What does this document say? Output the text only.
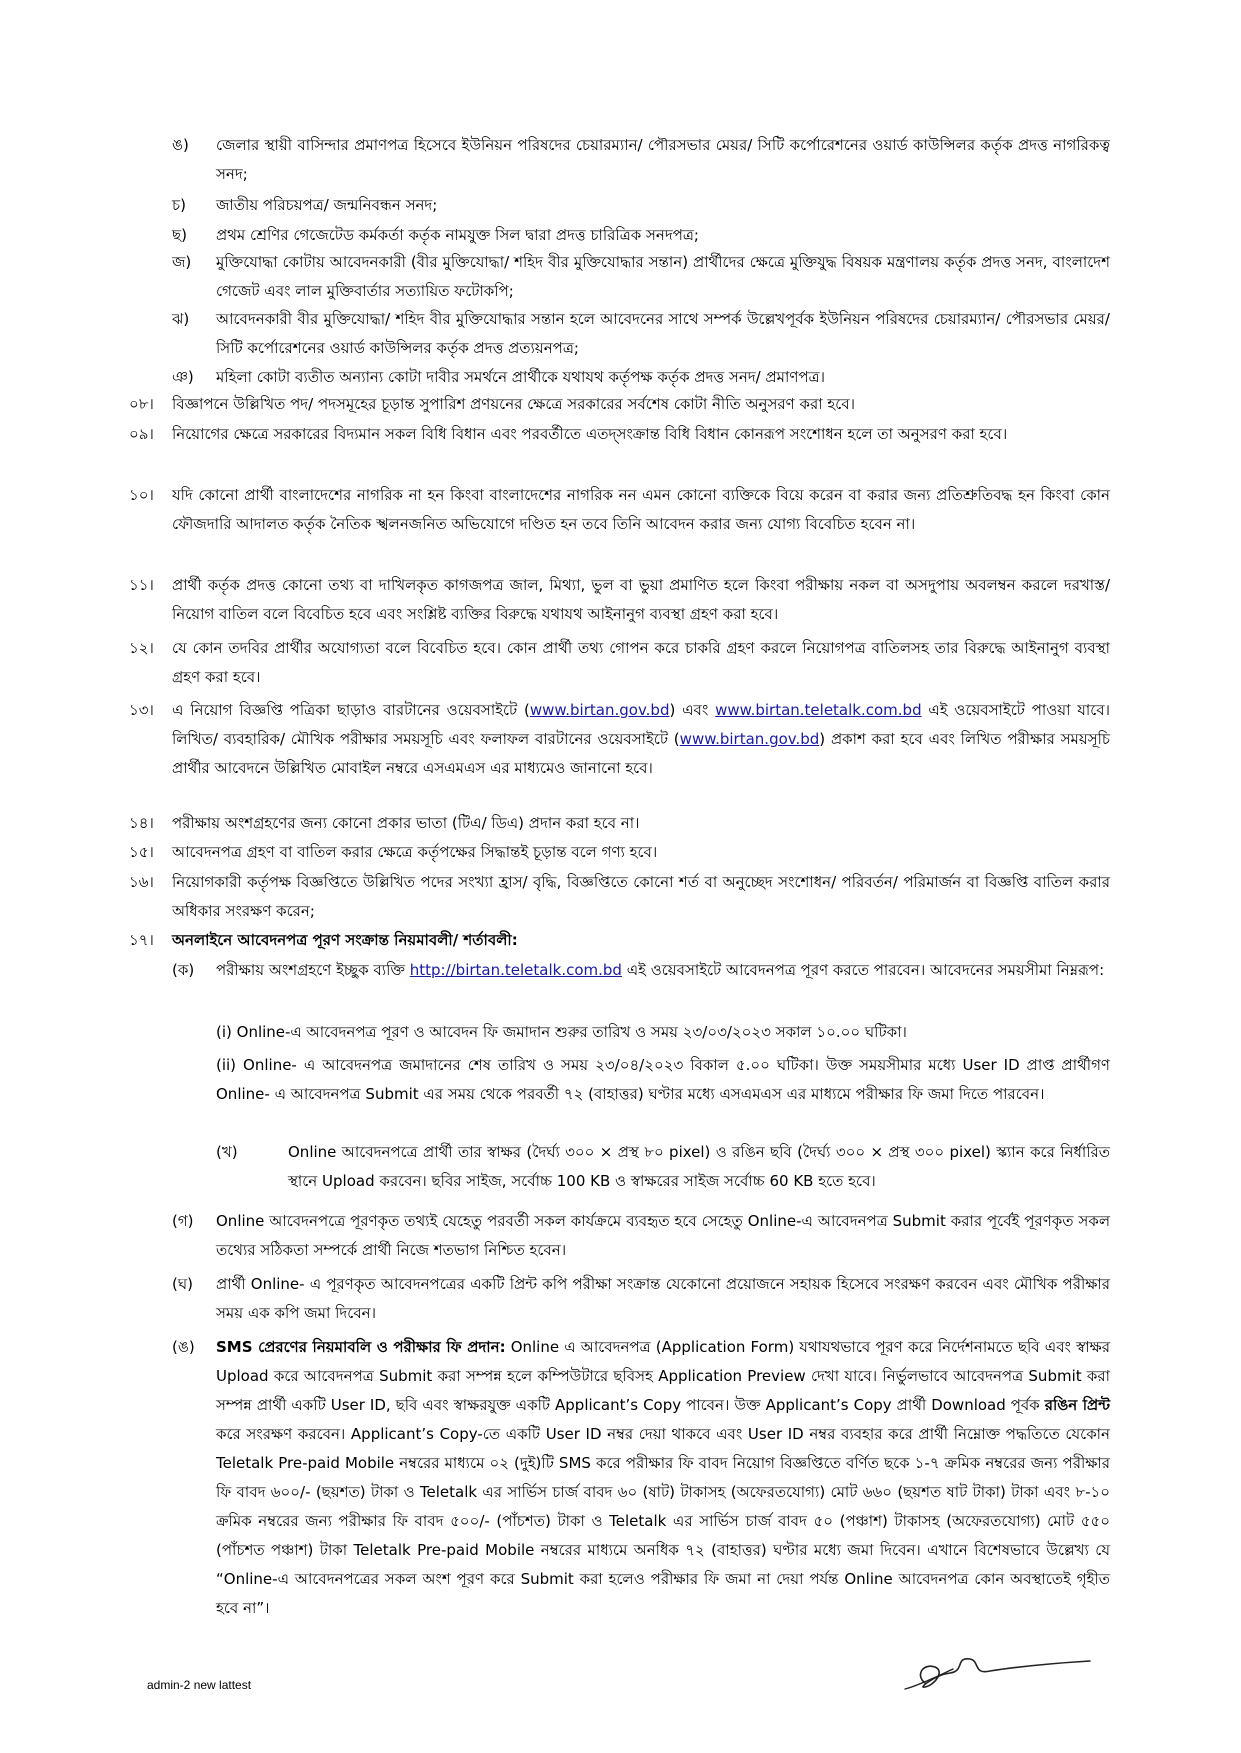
ঙ)	জেলার স্থায়ী বাসিন্দার প্রমাণপত্র হিসেবে ইউনিয়ন পরিষদের চেয়ারম্যান/ পৌরসভার মেয়র/ সিটি কর্পোরেশনের ওয়ার্ড কাউন্সিলর কর্তৃক প্রদত্ত নাগরিকত্ব সনদ;
চ)	জাতীয় পরিচয়পত্র/ জন্মনিবন্ধন সনদ;
ছ)	প্রথম শ্রেণির গেজেটেড কর্মকর্তা কর্তৃক নামযুক্ত সিল দ্বারা প্রদত্ত চারিত্রিক সনদপত্র;
জ)	মুক্তিযোদ্ধা কোটায় আবেদনকারী (বীর মুক্তিযোদ্ধা/ শহিদ বীর মুক্তিযোদ্ধার সন্তান) প্রার্থীদের ক্ষেত্রে মুক্তিযুদ্ধ বিষয়ক মন্ত্রণালয় কর্তৃক প্রদত্ত সনদ, বাংলাদেশ গেজেট এবং লাল মুক্তিবার্তার সত্যায়িত ফটোকপি;
ঝ)	আবেদনকারী বীর মুক্তিযোদ্ধা/ শহিদ বীর মুক্তিযোদ্ধার সন্তান হলে আবেদনের সাথে সম্পর্ক উল্লেখপূর্বক ইউনিয়ন পরিষদের চেয়ারম্যান/ পৌরসভার মেয়র/ সিটি কর্পোরেশনের ওয়ার্ড কাউন্সিলর কর্তৃক প্রদত্ত প্রত্যয়নপত্র;
ঞ)	মহিলা কোটা ব্যতীত অন্যান্য কোটা দাবীর সমর্থনে প্রার্থীকে যথাযথ কর্তৃপক্ষ কর্তৃক প্রদত্ত সনদ/ প্রমাণপত্র।
০৮।	বিজ্ঞাপনে উল্লিখিত পদ/ পদসমূহের চূড়ান্ত সুপারিশ প্রণয়নের ক্ষেত্রে সরকারের সর্বশেষ কোটা নীতি অনুসরণ করা হবে।
০৯।	নিয়োগের ক্ষেত্রে সরকারের বিদ্যমান সকল বিধি বিধান এবং পরবর্তীতে এতদ্‌সংক্রান্ত বিধি বিধান কোনরূপ সংশোধন হলে তা অনুসরণ করা হবে।
১০।	যদি কোনো প্রার্থী বাংলাদেশের নাগরিক না হন কিংবা বাংলাদেশের নাগরিক নন এমন কোনো ব্যক্তিকে বিয়ে করেন বা করার জন্য প্রতিশ্রুতিবদ্ধ হন কিংবা কোন ফৌজদারি আদালত কর্তৃক নৈতিক স্খলনজনিত অভিযোগে দণ্ডিত হন তবে তিনি আবেদন করার জন্য যোগ্য বিবেচিত হবেন না।
১১।	প্রার্থী কর্তৃক প্রদত্ত কোনো তথ্য বা দাখিলকৃত কাগজপত্র জাল, মিথ্যা, ভুল বা ভুয়া প্রমাণিত হলে কিংবা পরীক্ষায় নকল বা অসদুপায় অবলম্বন করলে দরখাস্ত/ নিয়োগ বাতিল বলে বিবেচিত হবে এবং সংশ্লিষ্ট ব্যক্তির বিরুদ্ধে যথাযথ আইনানুগ ব্যবস্থা গ্রহণ করা হবে।
১২।	যে কোন তদবির প্রার্থীর অযোগ্যতা বলে বিবেচিত হবে। কোন প্রার্থী তথ্য গোপন করে চাকরি গ্রহণ করলে নিয়োগপত্র বাতিলসহ তার বিরুদ্ধে আইনানুগ ব্যবস্থা গ্রহণ করা হবে।
১৩।	এ নিয়োগ বিজ্ঞপ্তি পত্রিকা ছাড়াও বারটানের ওয়েবসাইটে (www.birtan.gov.bd) এবং www.birtan.teletalk.com.bd এই ওয়েবসাইটে পাওয়া যাবে। লিখিত/ ব্যবহারিক/ মৌখিক পরীক্ষার সময়সূচি এবং ফলাফল বারটানের ওয়েবসাইটে (www.birtan.gov.bd) প্রকাশ করা হবে এবং লিখিত পরীক্ষার সময়সূচি প্রার্থীর আবেদনে উল্লিখিত মোবাইল নম্বরে এসএমএস এর মাধ্যমেও জানানো হবে।
১৪।	পরীক্ষায় অংশগ্রহণের জন্য কোনো প্রকার ভাতা (টিএ/ ডিএ) প্রদান করা হবে না।
১৫।	আবেদনপত্র গ্রহণ বা বাতিল করার ক্ষেত্রে কর্তৃপক্ষের সিদ্ধান্তই চূড়ান্ত বলে গণ্য হবে।
১৬।	নিয়োগকারী কর্তৃপক্ষ বিজ্ঞপ্তিতে উল্লিখিত পদের সংখ্যা হ্রাস/ বৃদ্ধি, বিজ্ঞপ্তিতে কোনো শর্ত বা অনুচ্ছেদ সংশোধন/ পরিবর্তন/ পরিমার্জন বা বিজ্ঞপ্তি বাতিল করার অধিকার সংরক্ষণ করেন;
১৭।	অনলাইনে আবেদনপত্র পূরণ সংক্রান্ত নিয়মাবলী/ শর্তাবলী:
(ক)	পরীক্ষায় অংশগ্রহণে ইচ্ছুক ব্যক্তি http://birtan.teletalk.com.bd এই ওয়েবসাইটে আবেদনপত্র পূরণ করতে পারবেন। আবেদনের সময়সীমা নিম্নরূপ:
(i) Online-এ আবেদনপত্র পূরণ ও আবেদন ফি জমাদান শুরুর তারিখ ও সময় ২৩/০৩/২০২৩ সকাল ১০.০০ ঘটিকা।
(ii) Online- এ আবেদনপত্র জমাদানের শেষ তারিখ ও সময় ২৩/০৪/২০২৩ বিকাল ৫.০০ ঘটিকা। উক্ত সময়সীমার মধ্যে User ID প্রাপ্ত প্রার্থীগণ Online- এ আবেদনপত্র Submit এর সময় থেকে পরবর্তী ৭২ (বাহাত্তর) ঘণ্টার মধ্যে এসএমএস এর মাধ্যমে পরীক্ষার ফি জমা দিতে পারবেন।
(খ)	Online আবেদনপত্রে প্রার্থী তার স্বাক্ষর (দৈর্ঘ্য ৩০০ × প্রস্থ ৮০ pixel) ও রঙিন ছবি (দৈর্ঘ্য ৩০০ × প্রস্থ ৩০০ pixel) স্ক্যান করে নির্ধারিত স্থানে Upload করবেন। ছবির সাইজ, সর্বোচ্চ 100 KB ও স্বাক্ষরের সাইজ সর্বোচ্চ 60 KB হতে হবে।
(গ)	Online আবেদনপত্রে পূরণকৃত তথ্যই যেহেতু পরবর্তী সকল কার্যক্রমে ব্যবহৃত হবে সেহেতু Online-এ আবেদনপত্র Submit করার পূর্বেই পূরণকৃত সকল তথ্যের সঠিকতা সম্পর্কে প্রার্থী নিজে শতভাগ নিশ্চিত হবেন।
(ঘ)	প্রার্থী Online- এ পূরণকৃত আবেদনপত্রের একটি প্রিন্ট কপি পরীক্ষা সংক্রান্ত যেকোনো প্রয়োজনে সহায়ক হিসেবে সংরক্ষণ করবেন এবং মৌখিক পরীক্ষার সময় এক কপি জমা দিবেন।
(ঙ)	SMS প্রেরণের নিয়মাবলি ও পরীক্ষার ফি প্রদান: Online এ আবেদনপত্র (Application Form) যথাযথভাবে পূরণ করে নির্দেশনামতে ছবি এবং স্বাক্ষর Upload করে আবেদনপত্র Submit করা সম্পন্ন হলে কম্পিউটারে ছবিসহ Application Preview দেখা যাবে। নির্ভুলভাবে আবেদনপত্র Submit করা সম্পন্ন প্রার্থী একটি User ID, ছবি এবং স্বাক্ষরযুক্ত একটি Applicant’s Copy পাবেন। উক্ত Applicant’s Copy প্রার্থী Download পূর্বক রঙিন প্রিন্ট করে সংরক্ষণ করবেন। Applicant’s Copy-তে একটি User ID নম্বর দেয়া থাকবে এবং User ID নম্বর ব্যবহার করে প্রার্থী নিম্নোক্ত পদ্ধতিতে যেকোন Teletalk Pre-paid Mobile নম্বরের মাধ্যমে ০২ (দুই)টি SMS করে পরীক্ষার ফি বাবদ নিয়োগ বিজ্ঞপ্তিতে বর্ণিত ছকে ১-৭ ক্রমিক নম্বরের জন্য পরীক্ষার ফি বাবদ ৬০০/- (ছয়শত) টাকা ও Teletalk এর সার্ভিস চার্জ বাবদ ৬০ (ষাট) টাকাসহ (অফেরতযোগ্য) মোট ৬৬০ (ছয়শত ষাট টাকা) টাকা এবং ৮-১০ ক্রমিক নম্বরের জন্য পরীক্ষার ফি বাবদ ৫০০/- (পাঁচশত) টাকা ও Teletalk এর সার্ভিস চার্জ বাবদ ৫০ (পঞ্চাশ) টাকাসহ (অফেরতযোগ্য) মোট ৫৫০ (পাঁচশত পঞ্চাশ) টাকা Teletalk Pre-paid Mobile নম্বরের মাধ্যমে অনধিক ৭২ (বাহাত্তর) ঘণ্টার মধ্যে জমা দিবেন। এখানে বিশেষভাবে উল্লেখ্য যে “Online-এ আবেদনপত্রের সকল অংশ পূরণ করে Submit করা হলেও পরীক্ষার ফি জমা না দেয়া পর্যন্ত Online আবেদনপত্র কোন অবস্থাতেই গৃহীত হবে না”।
admin-2 new lattest
